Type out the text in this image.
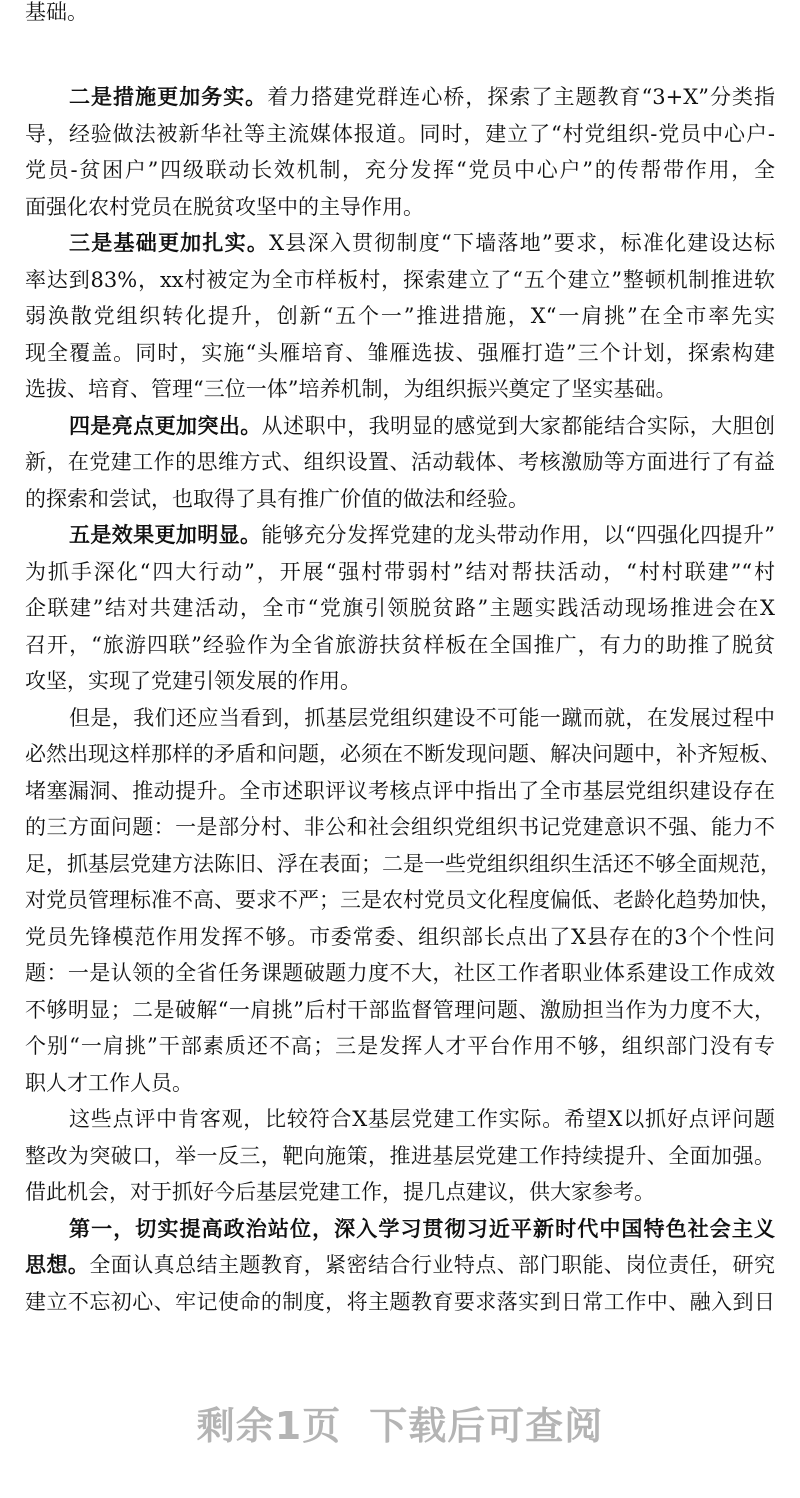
基础。
二是措施更加务实。着力搭建党群连心桥，探索了主题教育“3+X”分类指
导，经验做法被新华社等主流媒体报道。同时，建立了“村党组织-党员中心户-
党员-贫困户”四级联动长效机制，充分发挥“党员中心户”的传帮带作用，全
面强化农村党员在脱贫攻坚中的主导作用。
三是基础更加扎实。X县深入贯彻制度“下墙落地”要求，标准化建设达标
率达到83%，xx村被定为全市样板村，探索建立了“五个建立”整顿机制推进软
弱涣散党组织转化提升，创新“五个一”推进措施，X“一肩挑”在全市率先实
现全覆盖。同时，实施“头雁培育、雏雁选拔、强雁打造”三个计划，探索构建
选拔、培育、管理“三位一体”培养机制，为组织振兴奠定了坚实基础。
四是亮点更加突出。从述职中，我明显的感觉到大家都能结合实际，大胆创
新，在党建工作的思维方式、组织设置、活动载体、考核激励等方面进行了有益
的探索和尝试，也取得了具有推广价值的做法和经验。
五是效果更加明显。能够充分发挥党建的龙头带动作用，以“四强化四提升”
为抓手深化“四大行动”，开展“强村带弱村”结对帮扶活动，“村村联建”“村
企联建”结对共建活动，全市“党旗引领脱贫路”主题实践活动现场推进会在X
召开，“旅游四联”经验作为全省旅游扶贫样板在全国推广，有力的助推了脱贫
攻坚，实现了党建引领发展的作用。
但是，我们还应当看到，抓基层党组织建设不可能一蹴而就，在发展过程中
必然出现这样那样的矛盾和问题，必须在不断发现问题、解决问题中，补齐短板、
堵塞漏洞、推动提升。全市述职评议考核点评中指出了全市基层党组织建设存在
的三方面问题：一是部分村、非公和社会组织党组织书记党建意识不强、能力不
足，抓基层党建方法陈旧、浮在表面；二是一些党组织组织生活还不够全面规范，
对党员管理标准不高、要求不严；三是农村党员文化程度偏低、老龄化趋势加快，
党员先锋模范作用发挥不够。市委常委、组织部长点出了X县存在的3个个性问
题：一是认领的全省任务课题破题力度不大，社区工作者职业体系建设工作成效
不够明显；二是破解“一肩挑”后村干部监督管理问题、激励担当作为力度不大，
个别“一肩挑”干部素质还不高；三是发挥人才平台作用不够，组织部门没有专
职人才工作人员。
这些点评中肯客观，比较符合X基层党建工作实际。希望X以抓好点评问题
整改为突破口，举一反三，靶向施策，推进基层党建工作持续提升、全面加强。
借此机会，对于抓好今后基层党建工作，提几点建议，供大家参考。
第一，切实提高政治站位，深入学习贯彻习近平新时代中国特色社会主义
思想。全面认真总结主题教育，紧密结合行业特点、部门职能、岗位责任，研究
建立不忘初心、牢记使命的制度，将主题教育要求落实到日常工作中、融入到日
剩余1页 下载后可查阅
